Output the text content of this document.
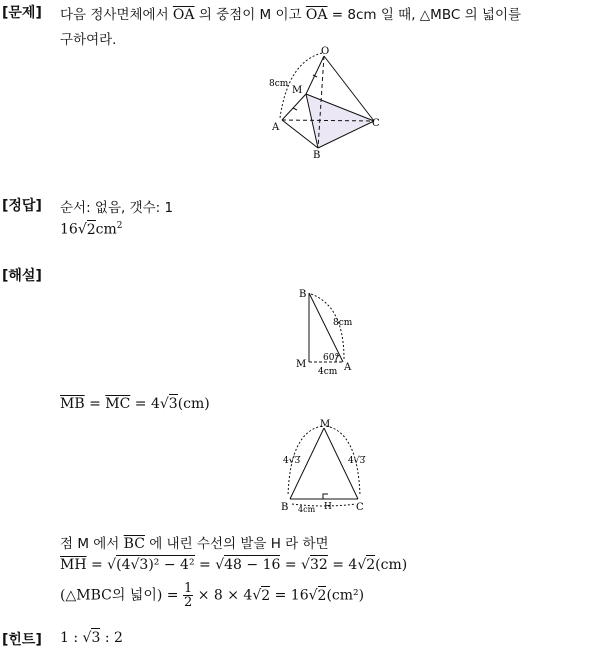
[문제] 다음 정사면체에서 $\overline{OA}$ 의 중점이 M 이고 $\overline{OA} = 8cm$ 일 때, △MBC 의 넓이를
구하여라.
O
M
A
B
C
8cm
[정답] 순서: 없음, 갯수: 1
$16√2cm^2$
[해설]
B
M	A
8cm
4cm
60°
$\overline{MB} = \overline{MC} = 4√3(cm)$
M
B	C
H
4√3	4√3
4cm
점 M 에서 $\overline{BC}$ 에 내린 수선의 발을 H 라 하면
$\overline{MH} = √(4√3)^2 - 4^2 = √48 - 16 = √32 = 4√2(cm)$
(△MBC의 넓이) = $\frac{1}{2} \times 8 \times 4√2 = 16√2(cm^2)$
[힌트] 1 : √3 : 2
